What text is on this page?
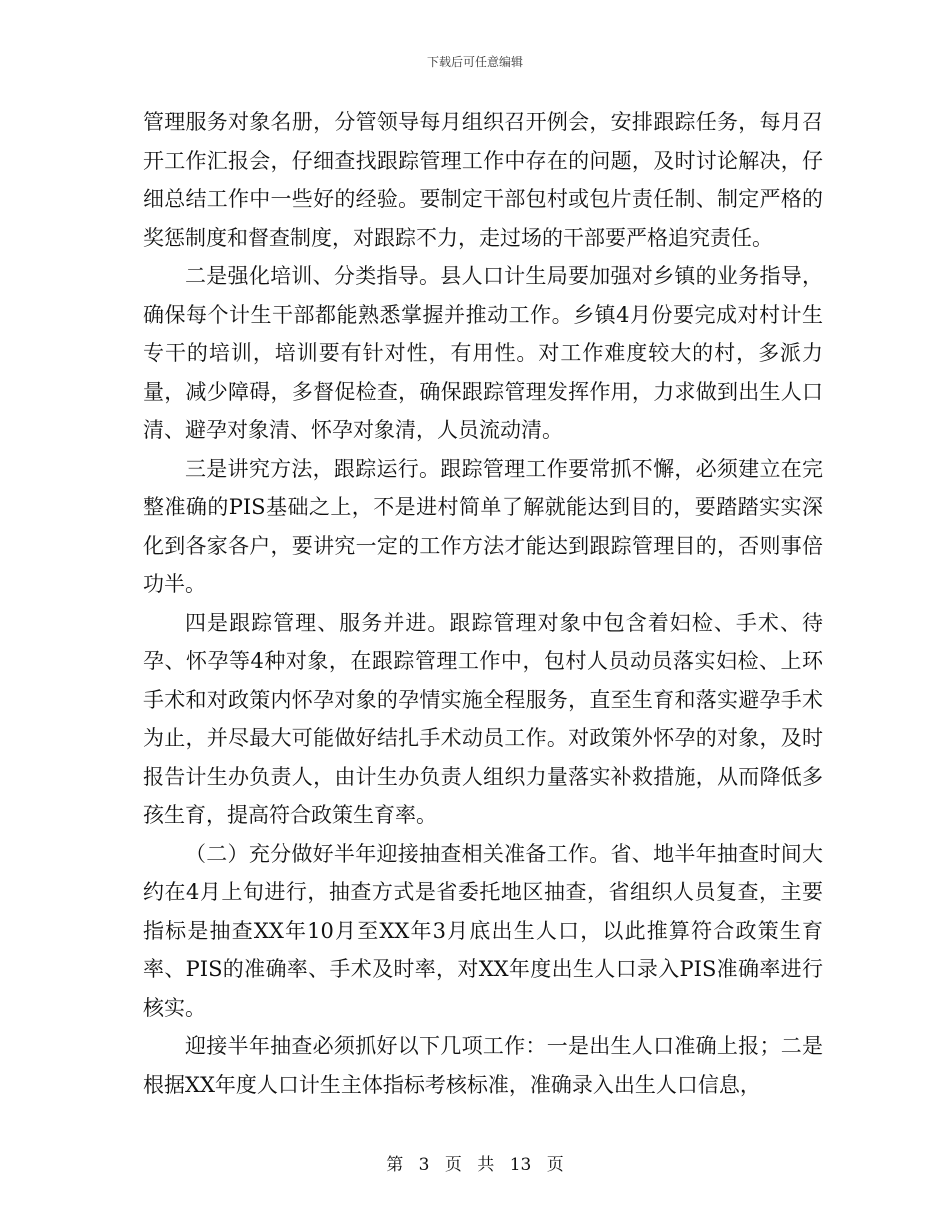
下载后可任意编辑

管理服务对象名册，分管领导每月组织召开例会，安排跟踪任务，每月召开工作汇报会，仔细查找跟踪管理工作中存在的问题，及时讨论解决，仔细总结工作中一些好的经验。要制定干部包村或包片责任制、制定严格的奖惩制度和督查制度，对跟踪不力，走过场的干部要严格追究责任。

二是强化培训、分类指导。县人口计生局要加强对乡镇的业务指导，确保每个计生干部都能熟悉掌握并推动工作。乡镇4月份要完成对村计生专干的培训，培训要有针对性，有用性。对工作难度较大的村，多派力量，减少障碍，多督促检查，确保跟踪管理发挥作用，力求做到出生人口清、避孕对象清、怀孕对象清，人员流动清。

三是讲究方法，跟踪运行。跟踪管理工作要常抓不懈，必须建立在完整准确的PIS基础之上，不是进村简单了解就能达到目的，要踏踏实实深化到各家各户，要讲究一定的工作方法才能达到跟踪管理目的，否则事倍功半。

四是跟踪管理、服务并进。跟踪管理对象中包含着妇检、手术、待孕、怀孕等4种对象，在跟踪管理工作中，包村人员动员落实妇检、上环手术和对政策内怀孕对象的孕情实施全程服务，直至生育和落实避孕手术为止，并尽最大可能做好结扎手术动员工作。对政策外怀孕的对象，及时报告计生办负责人，由计生办负责人组织力量落实补救措施，从而降低多孩生育，提高符合政策生育率。

（二）充分做好半年迎接抽查相关准备工作。省、地半年抽查时间大约在4月上旬进行，抽查方式是省委托地区抽查，省组织人员复查，主要指标是抽查XX年10月至XX年3月底出生人口，以此推算符合政策生育率、PIS的准确率、手术及时率，对XX年度出生人口录入PIS准确率进行核实。

迎接半年抽查必须抓好以下几项工作：一是出生人口准确上报；二是根据XX年度人口计生主体指标考核标准，准确录入出生人口信息，

第 3 页 共 13 页
